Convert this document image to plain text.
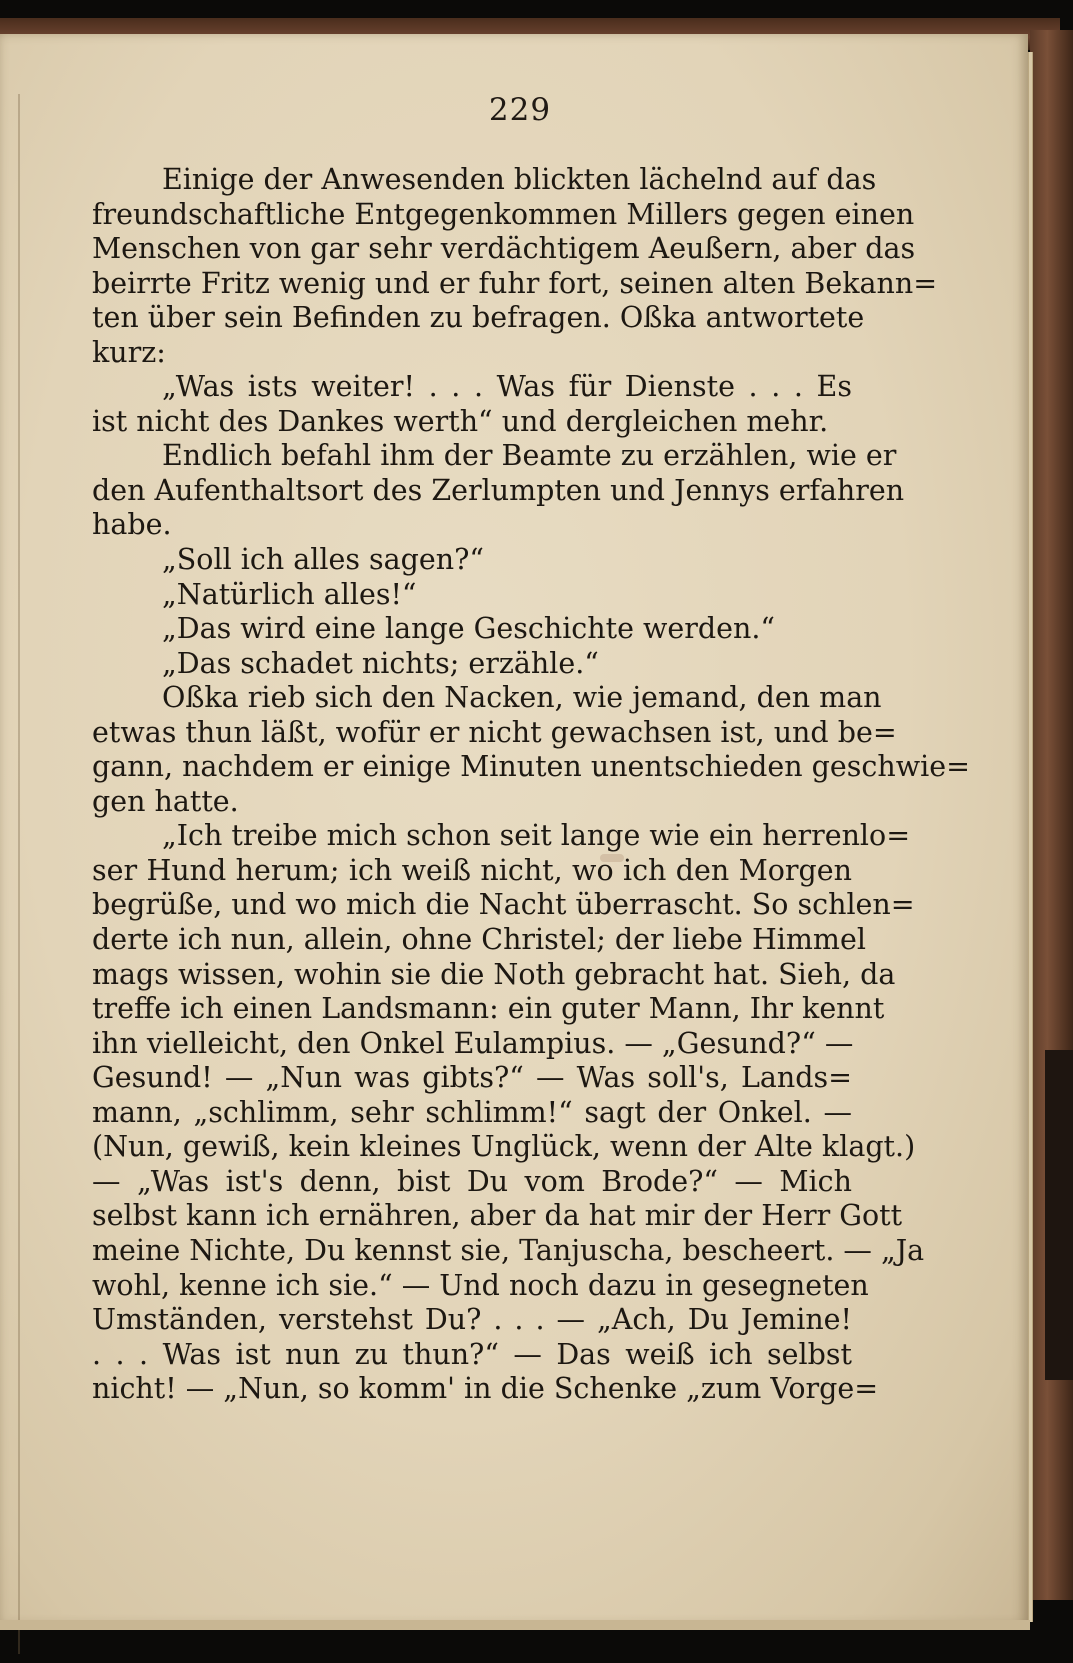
229
Einige der Anwesenden blickten lächelnd auf das
freundschaftliche Entgegenkommen Millers gegen einen
Menschen von gar sehr verdächtigem Aeußern, aber das
beirrte Fritz wenig und er fuhr fort, seinen alten Bekann=
ten über sein Befinden zu befragen. Oßka antwortete
kurz:
„Was ists weiter! . . . Was für Dienste . . . Es
ist nicht des Dankes werth“ und dergleichen mehr.
Endlich befahl ihm der Beamte zu erzählen, wie er
den Aufenthaltsort des Zerlumpten und Jennys erfahren
habe.
„Soll ich alles sagen?“
„Natürlich alles!“
„Das wird eine lange Geschichte werden.“
„Das schadet nichts; erzähle.“
Oßka rieb sich den Nacken, wie jemand, den man
etwas thun läßt, wofür er nicht gewachsen ist, und be=
gann, nachdem er einige Minuten unentschieden geschwie=
gen hatte.
„Ich treibe mich schon seit lange wie ein herrenlo=
ser Hund herum; ich weiß nicht, wo ich den Morgen
begrüße, und wo mich die Nacht überrascht. So schlen=
derte ich nun, allein, ohne Christel; der liebe Himmel
mags wissen, wohin sie die Noth gebracht hat. Sieh, da
treffe ich einen Landsmann: ein guter Mann, Ihr kennt
ihn vielleicht, den Onkel Eulampius. — „Gesund?“ —
Gesund! — „Nun was gibts?“ — Was soll's, Lands=
mann, „schlimm, sehr schlimm!“ sagt der Onkel. —
(Nun, gewiß, kein kleines Unglück, wenn der Alte klagt.)
— „Was ist's denn, bist Du vom Brode?“ — Mich
selbst kann ich ernähren, aber da hat mir der Herr Gott
meine Nichte, Du kennst sie, Tanjuscha, bescheert. — „Ja
wohl, kenne ich sie.“ — Und noch dazu in gesegneten
Umständen, verstehst Du? . . . — „Ach, Du Jemine!
. . . Was ist nun zu thun?“ — Das weiß ich selbst
nicht! — „Nun, so komm' in die Schenke „zum Vorge=
